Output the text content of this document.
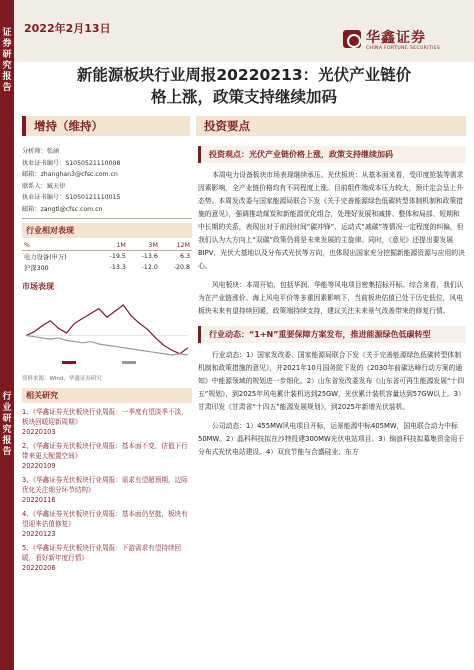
证券研究报告
行业研究报告
2022年2月13日
华鑫证券
CHINA FORTUNE SECURITIES
新能源板块行业周报20220213：光伏产业链价
格上涨，政策支持继续加码
增持（维持）	投资要点
分析师：张涵
执业证书编号：S1050521110008
邮箱：zhanghan3@cfsc.com.cn
联系人：臧天律
执业证书编号：S1050121110015
邮箱：zangtl@cfsc.com.cn
行业相对表现
%	1M	3M	12M
电力设备(申万)	-19.5	-13.6	6.3
沪深300	-13.3	-12.0	-20.8
市场表现
资料来源：Wind，华鑫证券研究
相关研究
1、《华鑫证券光伏板块行业周报：一季度有望淡季不淡，板块回暖迎新周期》
20220103
2、《华鑫证券光伏板块行业周报：基本面不变，估值下行带来更大配置空间》
20220109
3、《华鑫证券光伏板块行业周报：需求有望超预期，边际优化关注细分环节结构》
20220116
4、《华鑫证券光伏板块行业周报：基本面仍坚挺，板块有望迎来估值修复》
20220123
5、《华鑫证券光伏板块行业周报：下游需求有望持续回暖，看好新年度行情》
20220206
投资观点：光伏产业链价格上涨，政策支持继续加码

本周电力设备板块市场表现继续承压。光伏板块：从基本面来看，受印度抢装等需求因素影响，全产业链价格均有不同程度上涨。目前组件端成本压力较大，预计定会呈上升态势。本周发改委与国家能源局联合下发《关于完善能源绿色低碳转型体制机制和政策措施的意见》，强调推动煤炭和新能源优化组合，处理好发展和减排、整体和局部、短期和中长期的关系，表现出对于前段时间“碳冲锋”、运动式“减碳”等情况一定程度的纠偏，但我们认为大方向上“双碳”政策仍将是未来发展的主旋律。同时，《意见》还提出要发展BIPV、光伏大基地以及分布式光伏等方向，也体现出国家充分挖掘新能源资源与应用的决心。

风电板块：本周开始，包括华润、华能等风电项目密集招标开标。综合来看，我们认为在产业链涨价、海上风电平价等多重因素影响下，当前板块估值已处于历史低位，风电板块未来有望持续回暖，政策端持续支持，建议关注未来景气改善带来的修复行情。

行业动态：“1+N”重要保障方案发布，推进能源绿色低碳转型

行业动态：1）国家发改委、国家能源局联合下发《关于完善能源绿色低碳转型体制机制和政策措施的意见》，并2021年10月国务院下发的《2030年前碳达峰行动方案的通知》中能源领域的规划进一步细化。2）山东省发改委发布《山东省可再生能源发展“十四五”规划》，到2025年风电累计装机达到25GW，光伏累计装机容量达到57GW以上。3）甘肃印发《甘肃省“十四五”能源发展规划》，到2025年新增光伏装机。

公司动态：1）455MW风电项目开标，运景能源中标405MW，国电联合动力中标50MW。2）晶科科技拟在沙特投建300MW光伏电站项目。3）锦浪科技拟募集资金用于分布式光伏电站建设。4）双良节能与合盛硅业、东方
